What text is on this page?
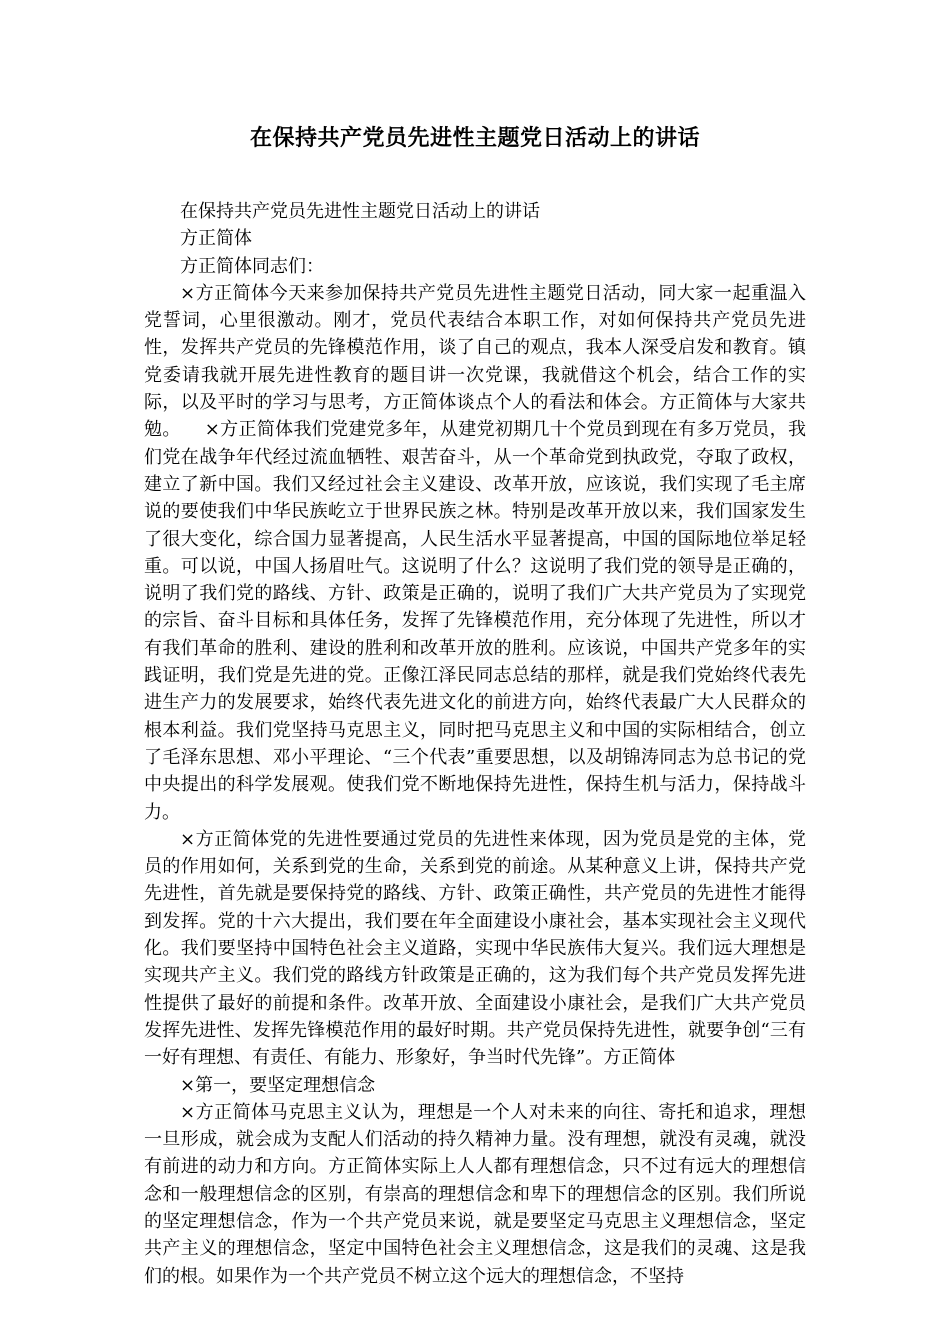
在保持共产党员先进性主题党日活动上的讲话

在保持共产党员先进性主题党日活动上的讲话

方正简体

方正简体同志们：

×方正简体今天来参加保持共产党员先进性主题党日活动，同大家一起重温入党誓词，心里很激动。刚才，党员代表结合本职工作，对如何保持共产党员先进性，发挥共产党员的先锋模范作用，谈了自己的观点，我本人深受启发和教育。镇党委请我就开展先进性教育的题目讲一次党课，我就借这个机会，结合工作的实际，以及平时的学习与思考，方正简体谈点个人的看法和体会。方正简体与大家共勉。    ×方正简体我们党建党多年，从建党初期几十个党员到现在有多万党员，我们党在战争年代经过流血牺牲、艰苦奋斗，从一个革命党到执政党，夺取了政权，建立了新中国。我们又经过社会主义建设、改革开放，应该说，我们实现了毛主席说的要使我们中华民族屹立于世界民族之林。特别是改革开放以来，我们国家发生了很大变化，综合国力显著提高，人民生活水平显著提高，中国的国际地位举足轻重。可以说，中国人扬眉吐气。这说明了什么？这说明了我们党的领导是正确的，说明了我们党的路线、方针、政策是正确的，说明了我们广大共产党员为了实现党的宗旨、奋斗目标和具体任务，发挥了先锋模范作用，充分体现了先进性，所以才有我们革命的胜利、建设的胜利和改革开放的胜利。应该说，中国共产党多年的实践证明，我们党是先进的党。正像江泽民同志总结的那样，就是我们党始终代表先进生产力的发展要求，始终代表先进文化的前进方向，始终代表最广大人民群众的根本利益。我们党坚持马克思主义，同时把马克思主义和中国的实际相结合，创立了毛泽东思想、邓小平理论、“三个代表”重要思想，以及胡锦涛同志为总书记的党中央提出的科学发展观。使我们党不断地保持先进性，保持生机与活力，保持战斗力。

×方正简体党的先进性要通过党员的先进性来体现，因为党员是党的主体，党员的作用如何，关系到党的生命，关系到党的前途。从某种意义上讲，保持共产党先进性，首先就是要保持党的路线、方针、政策正确性，共产党员的先进性才能得到发挥。党的十六大提出，我们要在年全面建设小康社会，基本实现社会主义现代化。我们要坚持中国特色社会主义道路，实现中华民族伟大复兴。我们远大理想是实现共产主义。我们党的路线方针政策是正确的，这为我们每个共产党员发挥先进性提供了最好的前提和条件。改革开放、全面建设小康社会，是我们广大共产党员发挥先进性、发挥先锋模范作用的最好时期。共产党员保持先进性，就要争创“三有一好有理想、有责任、有能力、形象好，争当时代先锋”。方正简体

×第一，要坚定理想信念

×方正简体马克思主义认为，理想是一个人对未来的向往、寄托和追求，理想一旦形成，就会成为支配人们活动的持久精神力量。没有理想，就没有灵魂，就没有前进的动力和方向。方正简体实际上人人都有理想信念，只不过有远大的理想信念和一般理想信念的区别，有崇高的理想信念和卑下的理想信念的区别。我们所说的坚定理想信念，作为一个共产党员来说，就是要坚定马克思主义理想信念，坚定共产主义的理想信念，坚定中国特色社会主义理想信念，这是我们的灵魂、这是我们的根。如果作为一个共产党员不树立这个远大的理想信念，不坚持
